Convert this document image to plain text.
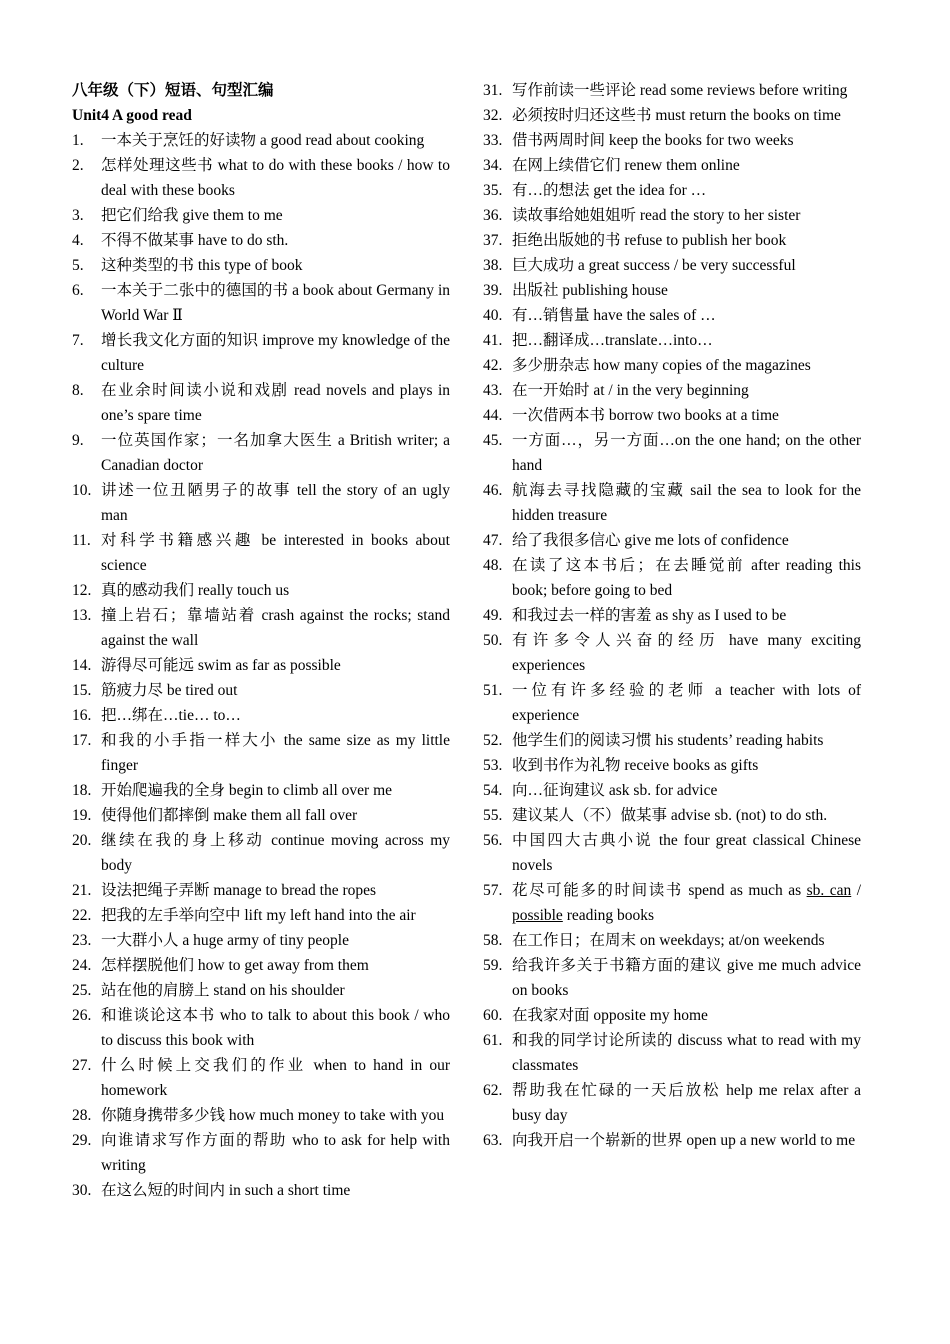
八年级（下）短语、句型汇编
Unit4 A good read
1. 一本关于烹饪的好读物 a good read about cooking
2. 怎样处理这些书 what to do with these books / how to deal with these books
3. 把它们给我 give them to me
4. 不得不做某事 have to do sth.
5. 这种类型的书 this type of book
6. 一本关于二张中的德国的书 a book about Germany in World War Ⅱ
7. 增长我文化方面的知识 improve my knowledge of the culture
8. 在业余时间读小说和戏剧 read novels and plays in one’s spare time
9. 一位英国作家；一名加拿大医生 a British writer; a Canadian doctor
10. 讲述一位丑陋男子的故事 tell the story of an ugly man
11. 对科学书籍感兴趣 be interested in books about science
12. 真的感动我们 really touch us
13. 撞上岩石；靠墙站着 crash against the rocks; stand against the wall
14. 游得尽可能远 swim as far as possible
15. 筋疲力尽 be tired out
16. 把…绑在…tie… to…
17. 和我的小手指一样大小 the same size as my little finger
18. 开始爬遍我的全身 begin to climb all over me
19. 使得他们都摔倒 make them all fall over
20. 继续在我的身上移动 continue moving across my body
21. 设法把绳子弄断 manage to bread the ropes
22. 把我的左手举向空中 lift my left hand into the air
23. 一大群小人 a huge army of tiny people
24. 怎样摆脱他们 how to get away from them
25. 站在他的肩膀上 stand on his shoulder
26. 和谁谈论这本书 who to talk to about this book / who to discuss this book with
27. 什么时候上交我们的作业 when to hand in our homework
28. 你随身携带多少钱 how much money to take with you
29. 向谁请求写作方面的帮助 who to ask for help with writing
30. 在这么短的时间内 in such a short time
31. 写作前读一些评论 read some reviews before writing
32. 必须按时归还这些书 must return the books on time
33. 借书两周时间 keep the books for two weeks
34. 在网上续借它们 renew them online
35. 有…的想法 get the idea for …
36. 读故事给她姐姐听 read the story to her sister
37. 拒绝出版她的书 refuse to publish her book
38. 巨大成功 a great success / be very successful
39. 出版社 publishing house
40. 有…销售量 have the sales of …
41. 把…翻译成…translate…into…
42. 多少册杂志 how many copies of the magazines
43. 在一开始时 at / in the very beginning
44. 一次借两本书 borrow two books at a time
45. 一方面…，另一方面…on the one hand; on the other hand
46. 航海去寻找隐藏的宝藏 sail the sea to look for the hidden treasure
47. 给了我很多信心 give me lots of confidence
48. 在读了这本书后；在去睡觉前 after reading this book; before going to bed
49. 和我过去一样的害羞 as shy as I used to be
50. 有许多令人兴奋的经历 have many exciting experiences
51. 一位有许多经验的老师 a teacher with lots of experience
52. 他学生们的阅读习惯 his students’ reading habits
53. 收到书作为礼物 receive books as gifts
54. 向…征询建议 ask sb. for advice
55. 建议某人（不）做某事 advise sb. (not) to do sth.
56. 中国四大古典小说 the four great classical Chinese novels
57. 花尽可能多的时间读书 spend as much as sb. can / possible reading books
58. 在工作日；在周末 on weekdays; at/on weekends
59. 给我许多关于书籍方面的建议 give me much advice on books
60. 在我家对面 opposite my home
61. 和我的同学讨论所读的 discuss what to read with my classmates
62. 帮助我在忙碌的一天后放松 help me relax after a busy day
63. 向我开启一个崭新的世界 open up a new world to me
